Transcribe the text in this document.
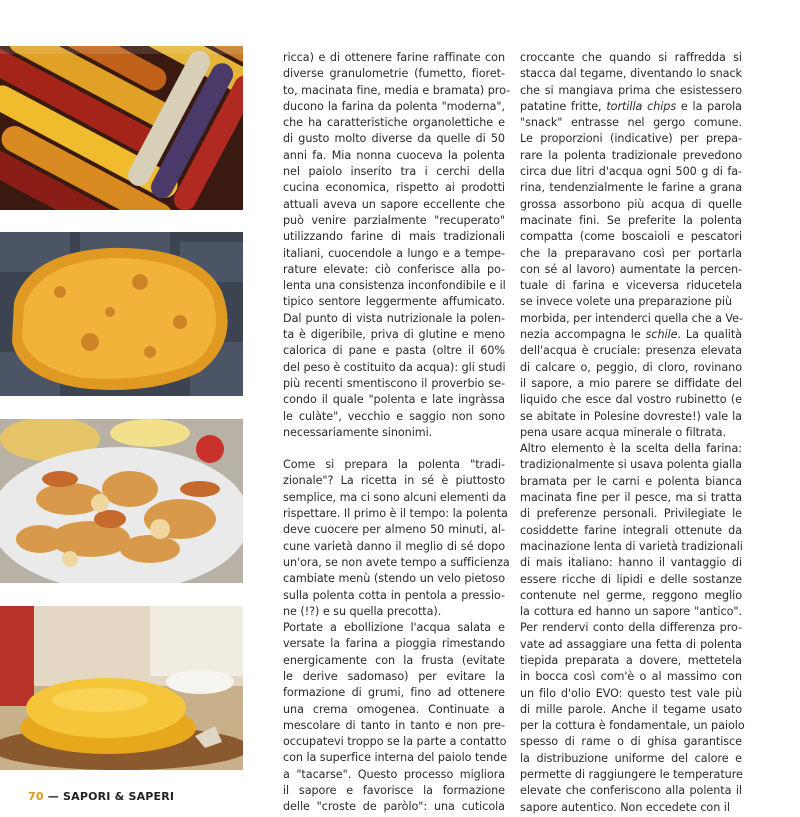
ricca) e di ottenere farine raffinate con
diverse granulometrie (fumetto, fioret-
to, macinata fine, media e bramata) pro-
ducono la farina da polenta "moderna",
che ha caratteristiche organolettiche e
di gusto molto diverse da quelle di 50
anni fa. Mia nonna cuoceva la polenta
nel paiolo inserito tra i cerchi della
cucina economica, rispetto ai prodotti
attuali aveva un sapore eccellente che
può venire parzialmente "recuperato"
utilizzando farine di mais tradizionali
italiani, cuocendole a lungo e a tempe-
rature elevate: ciò conferisce alla po-
lenta una consistenza inconfondibile e il
tipico sentore leggermente affumicato.
Dal punto di vista nutrizionale la polen-
ta è digeribile, priva di glutine e meno
calorica di pane e pasta (oltre il 60%
del peso è costituito da acqua): gli studi
più recenti smentiscono il proverbio se-
condo il quale "polenta e late ingràssa
le culàte", vecchio e saggio non sono
necessariamente sinonimi.

Come si prepara la polenta "tradi-
zionale"? La ricetta in sé è piuttosto
semplice, ma ci sono alcuni elementi da
rispettare. Il primo è il tempo: la polenta
deve cuocere per almeno 50 minuti, al-
cune varietà danno il meglio di sé dopo
un'ora, se non avete tempo a sufficienza
cambiate menù (stendo un velo pietoso
sulla polenta cotta in pentola a pressio-
ne (!?) e su quella precotta).
Portate a ebollizione l'acqua salata e
versate la farina a pioggia rimestando
energicamente con la frusta (evitate
le derive sadomaso) per evitare la
formazione di grumi, fino ad ottenere
una crema omogenea. Continuate a
mescolare di tanto in tanto e non pre-
occupatevi troppo se la parte a contatto
con la superfice interna del paiolo tende
a "tacarse". Questo processo migliora
il sapore e favorisce la formazione
delle "croste de paròlo": una cuticola

croccante che quando si raffredda si
stacca dal tegame, diventando lo snack
che si mangiava prima che esistessero
patatine fritte, tortilla chips e la parola
"snack" entrasse nel gergo comune.
Le proporzioni (indicative) per prepa-
rare la polenta tradizionale prevedono
circa due litri d'acqua ogni 500 g di fa-
rina, tendenzialmente le farine a grana
grossa assorbono più acqua di quelle
macinate fini. Se preferite la polenta
compatta (come boscaioli e pescatori
che la preparavano così per portarla
con sé al lavoro) aumentate la percen-
tuale di farina e viceversa riducetela
se invece volete una preparazione più
morbida, per intenderci quella che a Ve-
nezia accompagna le schile. La qualità
dell'acqua è cruciale: presenza elevata
di calcare o, peggio, di cloro, rovinano
il sapore, a mio parere se diffidate del
liquido che esce dal vostro rubinetto (e
se abitate in Polesine dovreste!) vale la
pena usare acqua minerale o filtrata.
Altro elemento è la scelta della farina:
tradizionalmente si usava polenta gialla
bramata per le carni e polenta bianca
macinata fine per il pesce, ma si tratta
di preferenze personali. Privilegiate le
cosiddette farine integrali ottenute da
macinazione lenta di varietà tradizionali
di mais italiano: hanno il vantaggio di
essere ricche di lipidi e delle sostanze
contenute nel germe, reggono meglio
la cottura ed hanno un sapore "antico".
Per rendervi conto della differenza pro-
vate ad assaggiare una fetta di polenta
tiepida preparata a dovere, mettetela
in bocca così com'è o al massimo con
un filo d'olio EVO: questo test vale più
di mille parole. Anche il tegame usato
per la cottura è fondamentale, un paiolo
spesso di rame o di ghisa garantisce
la distribuzione uniforme del calore e
permette di raggiungere le temperature
elevate che conferiscono alla polenta il
sapore autentico. Non eccedete con il

70 — SAPORI & SAPERI
